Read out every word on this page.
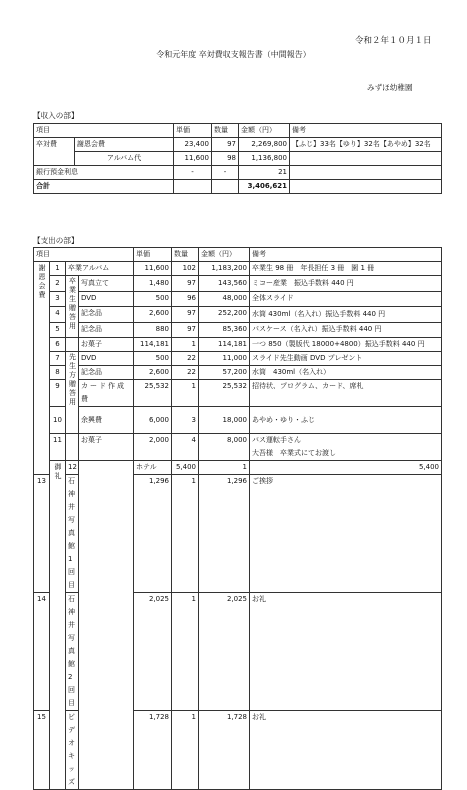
令和２年１０月１日
令和元年度 卒対費収支報告書（中間報告）
みずほ幼稚園
【収入の部】
項目		単価	数量	金額（円）	備考
卒対費	謝恩会費	23,400	97	2,269,800	【ふじ】33名【ゆり】32名【あやめ】32名
	アルバム代	11,600	98	1,136,800	
銀行預金利息		-	-	21	
合計				3,406,621	
【支出の部】
項目				単価	数量	金額（円）	備考	
謝恩会費	1	卒業アルバム		11,600	102	1,183,200	卒業生 98 冊　年長担任 3 冊　園 1 冊	
	2	卒業生贈答用	写真立て	1,480	97	143,560	ミコー産業　振込手数料 440 円	
	3		DVD	500	96	48,000	全体スライド	
	4		記念品	2,600	97	252,200	水筒 430ml（名入れ）振込手数料 440 円	
	5		記念品	880	97	85,360	パスケース（名入れ）振込手数料 440 円	
	6		お菓子	114,181	1	114,181	一つ 850（製版代 18000+4800）振込手数料 440 円	
	7	先生方贈答用	DVD	500	22	11,000	スライド先生動画 DVD プレゼント	
	8		記念品	2,600	22	57,200	水筒　430ml（名入れ）	
	9		カード作成費	25,532	1	25,532	招待状、プログラム、カード、席札	
	10		余興費	6,000	3	18,000	あやめ・ゆり・ふじ	
	11		お菓子	2,000	4	8,000	バス運転手さん
大吾様　卒業式にてお渡し	

	御礼	12		ホテル	5,400	1	5,400	
13		石神井写真館　1回目		1,296	1	1,296	ご挨拶	
14		石神井写真館　2回目		2,025	1	2,025	お礼	
15		ビデオキッズ		1,728	1	1,728	お礼	
